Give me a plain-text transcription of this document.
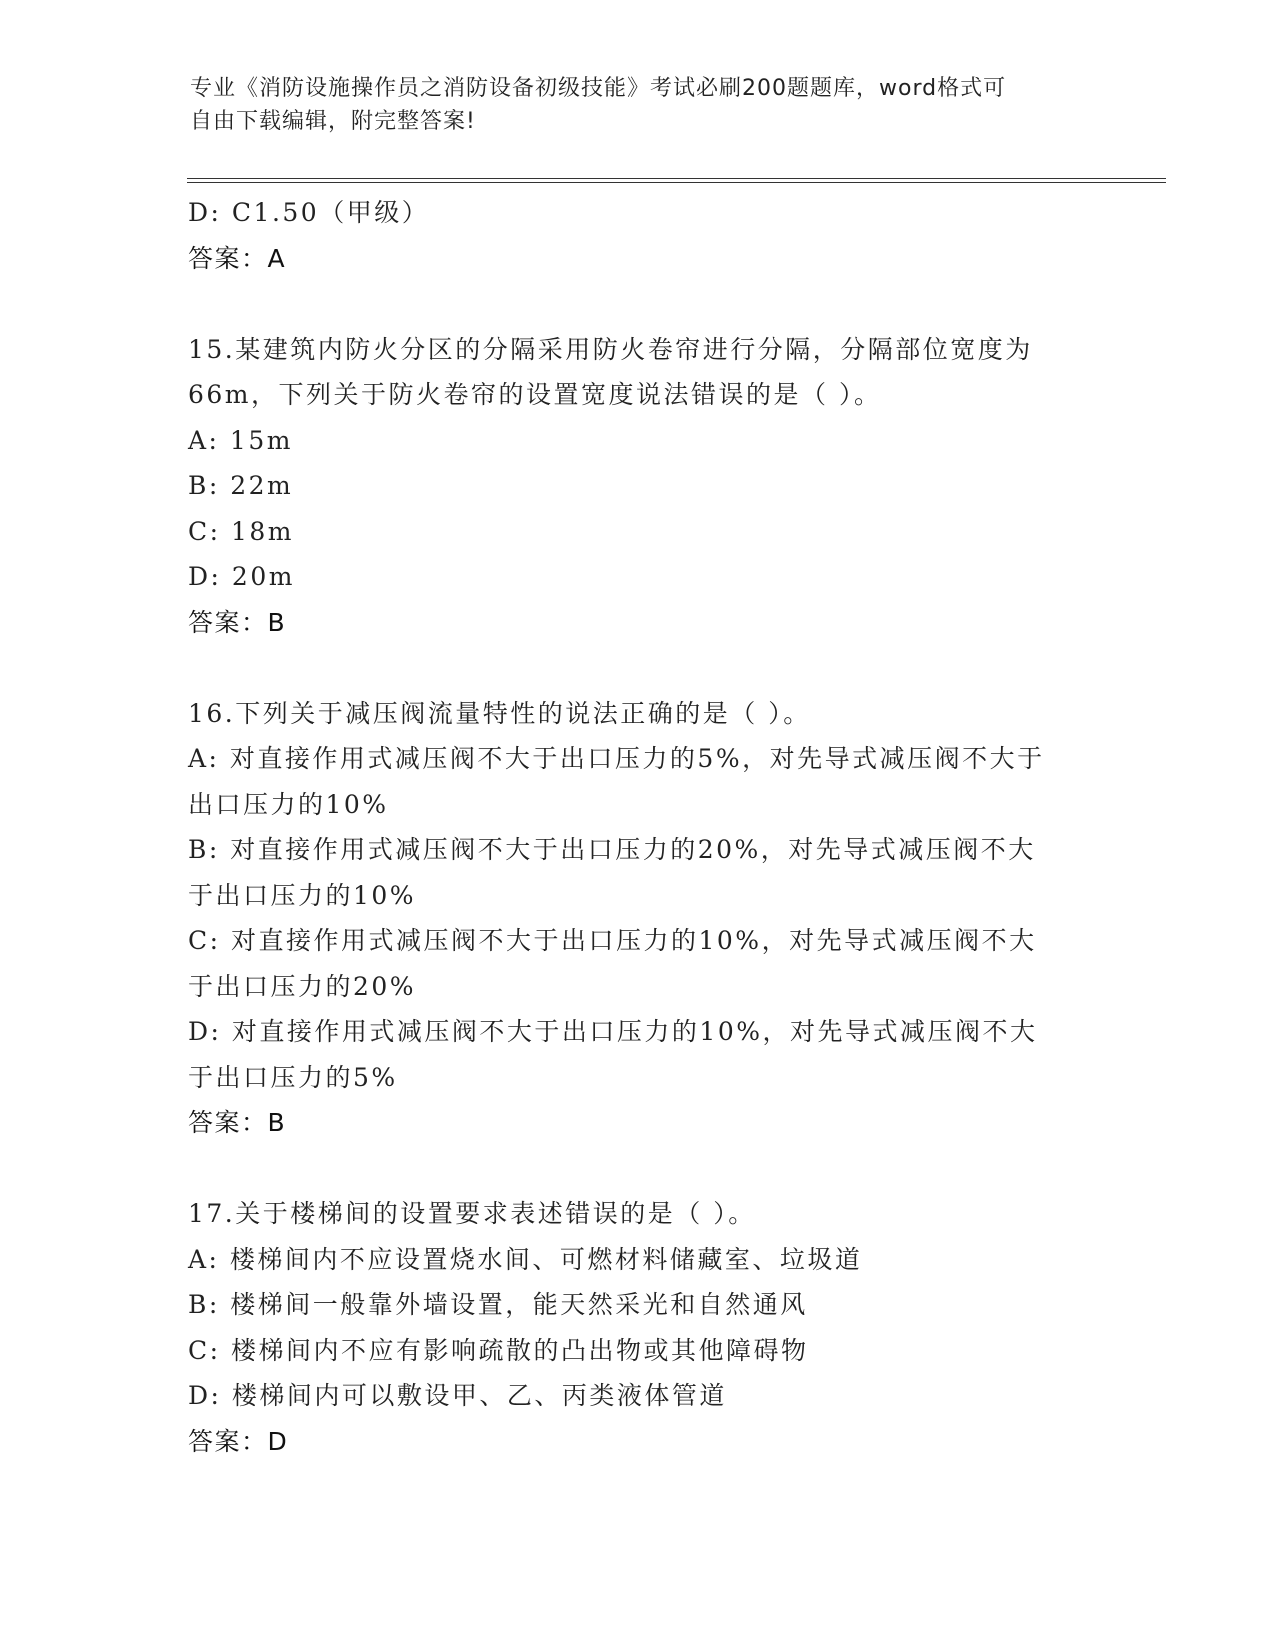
专业《消防设施操作员之消防设备初级技能》考试必刷200题题库，word格式可
自由下载编辑，附完整答案!
D: C1.50（甲级）
答案：A
15.某建筑内防火分区的分隔采用防火卷帘进行分隔，分隔部位宽度为
66m，下列关于防火卷帘的设置宽度说法错误的是（ ）。
A: 15m
B: 22m
C: 18m
D: 20m
答案：B
16.下列关于减压阀流量特性的说法正确的是（ ）。
A: 对直接作用式减压阀不大于出口压力的5%，对先导式减压阀不大于
出口压力的10%
B: 对直接作用式减压阀不大于出口压力的20%，对先导式减压阀不大
于出口压力的10%
C: 对直接作用式减压阀不大于出口压力的10%，对先导式减压阀不大
于出口压力的20%
D: 对直接作用式减压阀不大于出口压力的10%，对先导式减压阀不大
于出口压力的5%
答案：B
17.关于楼梯间的设置要求表述错误的是（ ）。
A: 楼梯间内不应设置烧水间、可燃材料储藏室、垃圾道
B: 楼梯间一般靠外墙设置，能天然采光和自然通风
C: 楼梯间内不应有影响疏散的凸出物或其他障碍物
D: 楼梯间内可以敷设甲、乙、丙类液体管道
答案：D
